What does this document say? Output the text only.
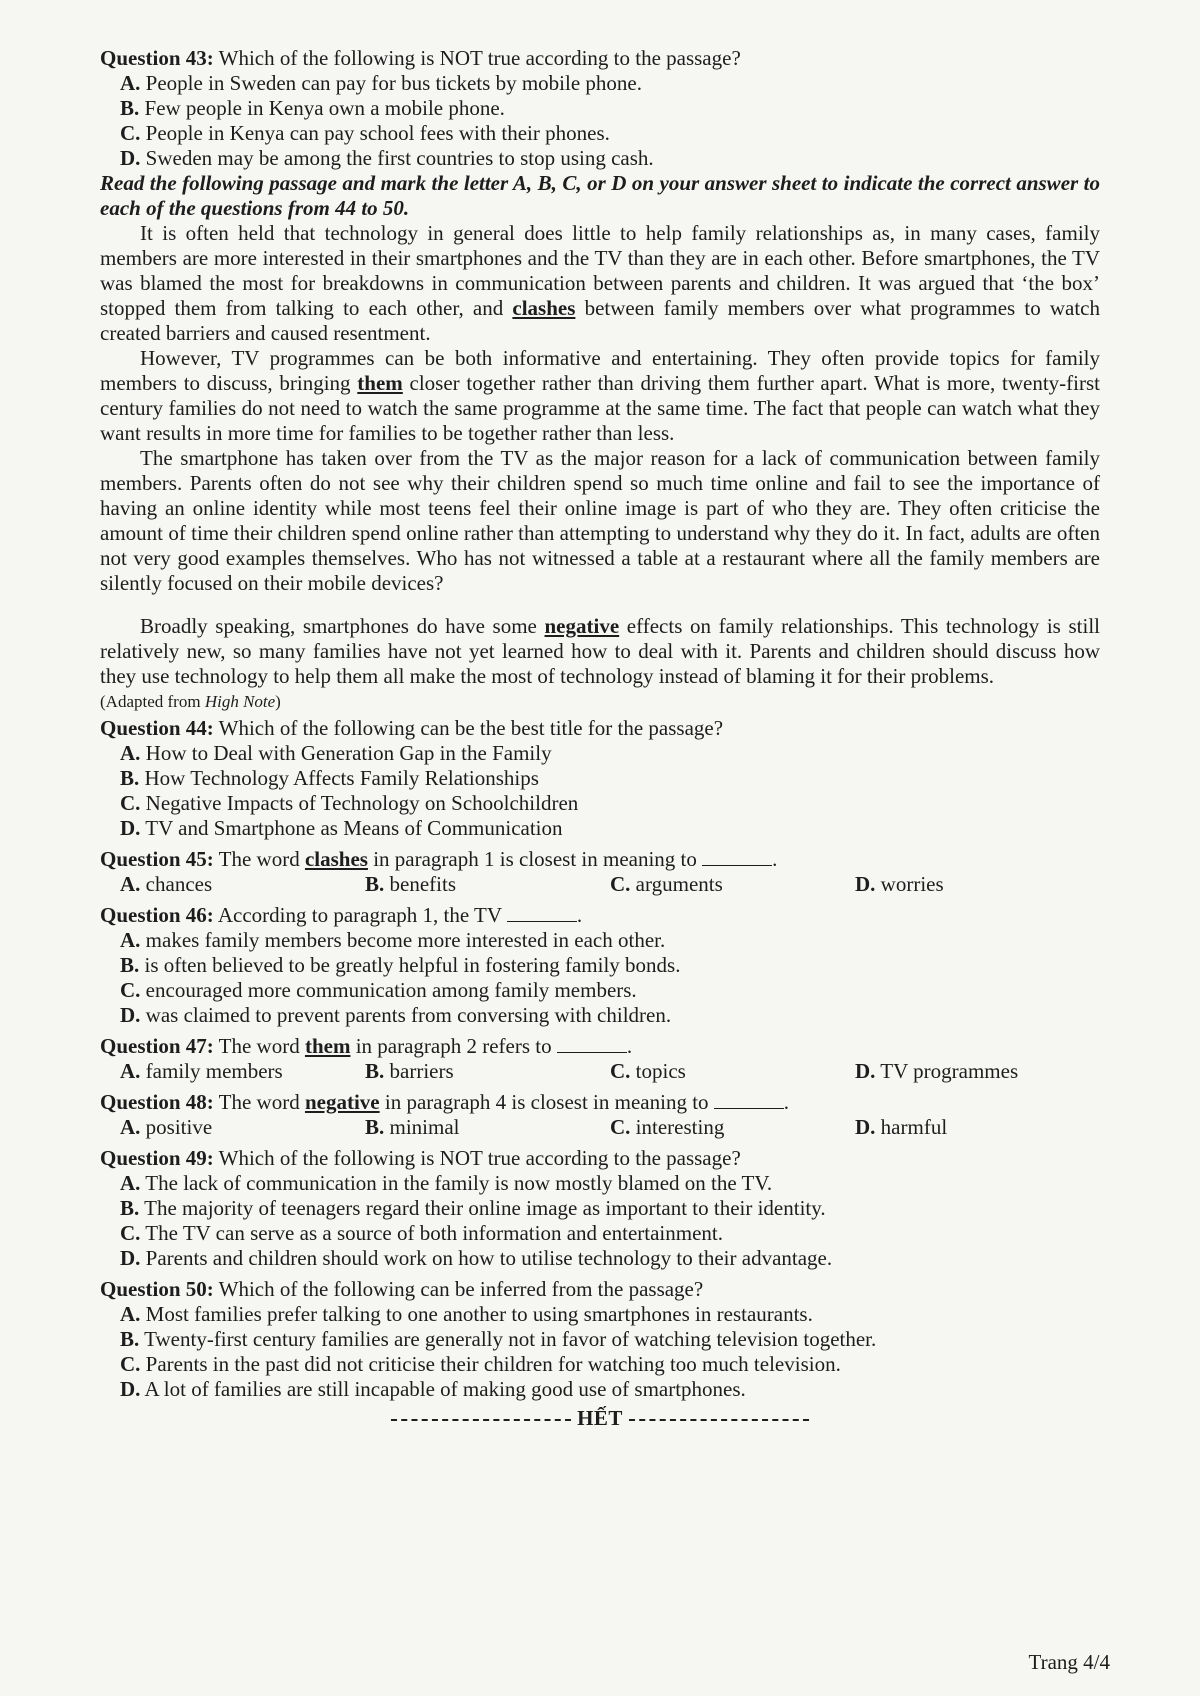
Question 43: Which of the following is NOT true according to the passage?

A. People in Sweden can pay for bus tickets by mobile phone.

B. Few people in Kenya own a mobile phone.

C. People in Kenya can pay school fees with their phones.

D. Sweden may be among the first countries to stop using cash.

Read the following passage and mark the letter A, B, C, or D on your answer sheet to indicate the correct answer to each of the questions from 44 to 50.

It is often held that technology in general does little to help family relationships as, in many cases, family members are more interested in their smartphones and the TV than they are in each other. Before smartphones, the TV was blamed the most for breakdowns in communication between parents and children. It was argued that ‘the box’ stopped them from talking to each other, and clashes between family members over what programmes to watch created barriers and caused resentment.

However, TV programmes can be both informative and entertaining. They often provide topics for family members to discuss, bringing them closer together rather than driving them further apart. What is more, twenty-first century families do not need to watch the same programme at the same time. The fact that people can watch what they want results in more time for families to be together rather than less.

The smartphone has taken over from the TV as the major reason for a lack of communication between family members. Parents often do not see why their children spend so much time online and fail to see the importance of having an online identity while most teens feel their online image is part of who they are. They often criticise the amount of time their children spend online rather than attempting to understand why they do it. In fact, adults are often not very good examples themselves. Who has not witnessed a table at a restaurant where all the family members are silently focused on their mobile devices?

Broadly speaking, smartphones do have some negative effects on family relationships. This technology is still relatively new, so many families have not yet learned how to deal with it. Parents and children should discuss how they use technology to help them all make the most of technology instead of blaming it for their problems.

(Adapted from High Note)

Question 44: Which of the following can be the best title for the passage?

A. How to Deal with Generation Gap in the Family

B. How Technology Affects Family Relationships

C. Negative Impacts of Technology on Schoolchildren

D. TV and Smartphone as Means of Communication

Question 45: The word clashes in paragraph 1 is closest in meaning to	.

A. chances	B. benefits	C. arguments	D. worries

Question 46: According to paragraph 1, the TV	.

A. makes family members become more interested in each other.

B. is often believed to be greatly helpful in fostering family bonds.

C. encouraged more communication among family members.

D. was claimed to prevent parents from conversing with children.

Question 47: The word them in paragraph 2 refers to	.

A. family members	B. barriers	C. topics	D. TV programmes

Question 48: The word negative in paragraph 4 is closest in meaning to	.

A. positive	B. minimal	C. interesting	D. harmful

Question 49: Which of the following is NOT true according to the passage?

A. The lack of communication in the family is now mostly blamed on the TV.

B. The majority of teenagers regard their online image as important to their identity.

C. The TV can serve as a source of both information and entertainment.

D. Parents and children should work on how to utilise technology to their advantage.

Question 50: Which of the following can be inferred from the passage?

A. Most families prefer talking to one another to using smartphones in restaurants.

B. Twenty-first century families are generally not in favor of watching television together.

C. Parents in the past did not criticise their children for watching too much television.

D. A lot of families are still incapable of making good use of smartphones.

HẾT
Trang 4/4
